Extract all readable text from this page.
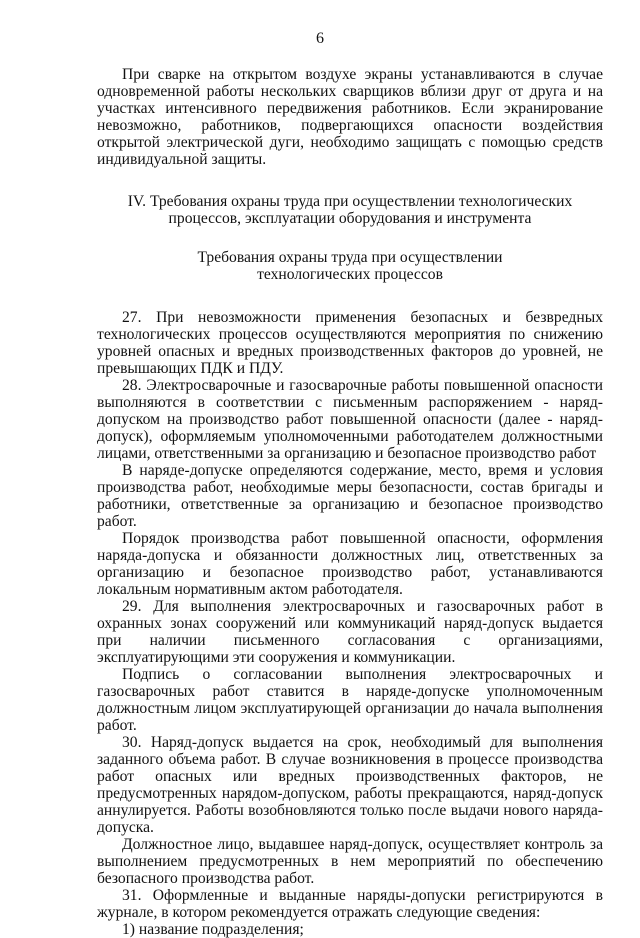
6

При сварке на открытом воздухе экраны устанавливаются в случае одновременной работы нескольких сварщиков вблизи друг от друга и на участках интенсивного передвижения работников. Если экранирование невозможно, работников, подвергающихся опасности воздействия открытой электрической дуги, необходимо защищать с помощью средств индивидуальной защиты.

IV. Требования охраны труда при осуществлении технологических
процессов, эксплуатации оборудования и инструмента
Требования охраны труда при осуществлении
технологических процессов

27. При невозможности применения безопасных и безвредных технологических процессов осуществляются мероприятия по снижению уровней опасных и вредных производственных факторов до уровней, не превышающих ПДК и ПДУ.

28. Электросварочные и газосварочные работы повышенной опасности выполняются в соответствии с письменным распоряжением - наряд-допуском на производство работ повышенной опасности (далее - наряд-допуск), оформляемым уполномоченными работодателем должностными лицами, ответственными за организацию и безопасное производство работ

В наряде-допуске определяются содержание, место, время и условия производства работ, необходимые меры безопасности, состав бригады и работники, ответственные за организацию и безопасное производство работ.

Порядок производства работ повышенной опасности, оформления наряда-допуска и обязанности должностных лиц, ответственных за организацию и безопасное производство работ, устанавливаются локальным нормативным актом работодателя.

29. Для выполнения электросварочных и газосварочных работ в охранных зонах сооружений или коммуникаций наряд-допуск выдается при наличии письменного согласования с организациями, эксплуатирующими эти сооружения и коммуникации.

Подпись о согласовании выполнения электросварочных и газосварочных работ ставится в наряде-допуске уполномоченным должностным лицом эксплуатирующей организации до начала выполнения работ.

30. Наряд-допуск выдается на срок, необходимый для выполнения заданного объема работ. В случае возникновения в процессе производства работ опасных или вредных производственных факторов, не предусмотренных нарядом-допуском, работы прекращаются, наряд-допуск аннулируется. Работы возобновляются только после выдачи нового наряда-допуска.

Должностное лицо, выдавшее наряд-допуск, осуществляет контроль за выполнением предусмотренных в нем мероприятий по обеспечению безопасного производства работ.

31. Оформленные и выданные наряды-допуски регистрируются в журнале, в котором рекомендуется отражать следующие сведения:

1) название подразделения;
